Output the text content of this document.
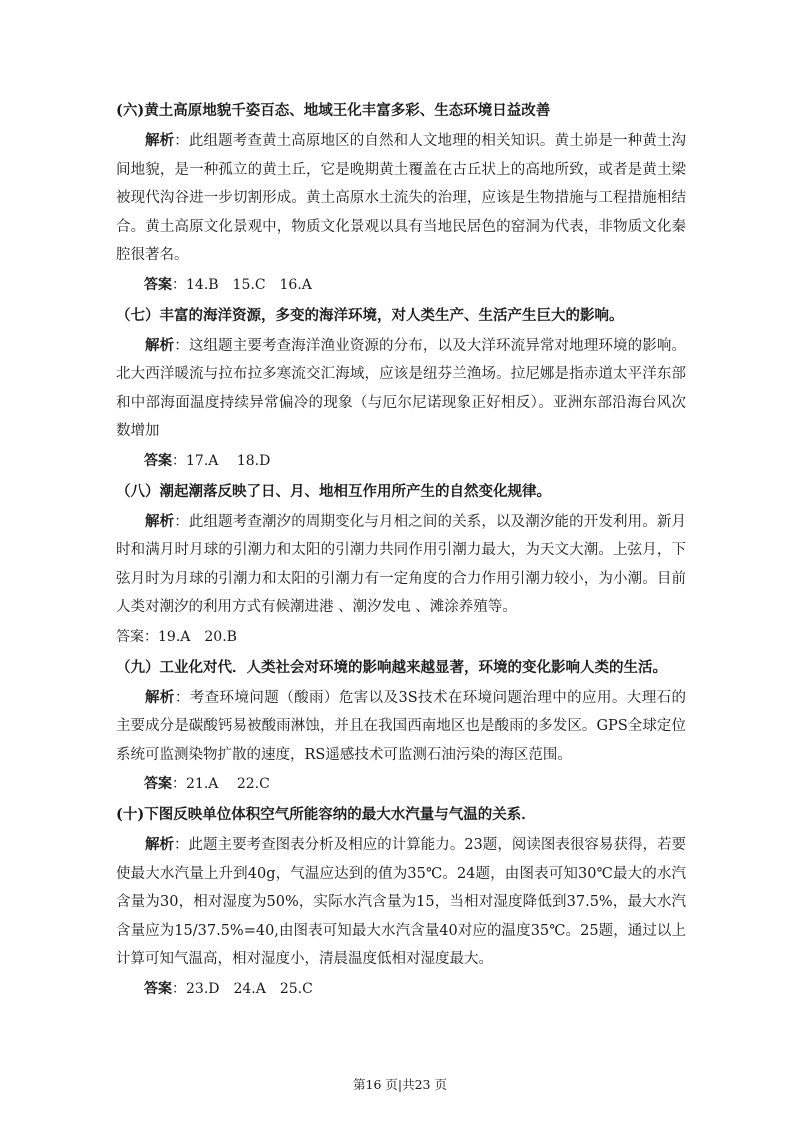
(六)黄土高原地貌千姿百态、地域王化丰富多彩、生态环境日益改善

解析：此组题考查黄土高原地区的自然和人文地理的相关知识。黄土峁是一种黄土沟间地貌，是一种孤立的黄土丘，它是晚期黄土覆盖在古丘状上的高地所致，或者是黄土梁被现代沟谷进一步切割形成。黄土高原水土流失的治理，应该是生物措施与工程措施相结合。黄土高原文化景观中，物质文化景观以具有当地民居色的窑洞为代表，非物质文化秦腔很著名。

答案：14.B　15.C　16.A
（七）丰富的海洋资源，多变的海洋环境，对人类生产、生活产生巨大的影响。

解析：这组题主要考查海洋渔业资源的分布，以及大洋环流异常对地理环境的影响。北大西洋暖流与拉布拉多寒流交汇海域，应该是纽芬兰渔场。拉尼娜是指赤道太平洋东部和中部海面温度持续异常偏冷的现象（与厄尔尼诺现象正好相反）。亚洲东部沿海台风次数增加

答案：17.A　 18.D
（八）潮起潮落反映了日、月、地相互作用所产生的自然变化规律。

解析：此组题考查潮汐的周期变化与月相之间的关系，以及潮汐能的开发利用。新月时和满月时月球的引潮力和太阳的引潮力共同作用引潮力最大，为天文大潮。上弦月，下弦月时为月球的引潮力和太阳的引潮力有一定角度的合力作用引潮力较小，为小潮。目前人类对潮汐的利用方式有候潮进港 、潮汐发电 、滩涂养殖等。

答案：19.A　20.B
（九）工业化对代．人类社会对环境的影响越来越显著，环境的变化影响人类的生活。

解析：考查环境问题（酸雨）危害以及3S技术在环境问题治理中的应用。大理石的主要成分是碳酸钙易被酸雨淋蚀，并且在我国西南地区也是酸雨的多发区。GPS全球定位系统可监测染物扩散的速度，RS遥感技术可监测石油污染的海区范围。

答案：21.A　 22.C
(十)下图反映单位体积空气所能容纳的最大水汽量与气温的关系．

解析：此题主要考查图表分析及相应的计算能力。23题，阅读图表很容易获得，若要使最大水汽量上升到40g，气温应达到的值为35℃。24题，由图表可知30℃最大的水汽含量为30，相对湿度为50%，实际水汽含量为15，当相对湿度降低到37.5%，最大水汽含量应为15/37.5%=40,由图表可知最大水汽含量40对应的温度35℃。25题，通过以上计算可知气温高，相对湿度小，清晨温度低相对湿度最大。

答案：23.D　24.A　25.C
第16 页|共23 页
